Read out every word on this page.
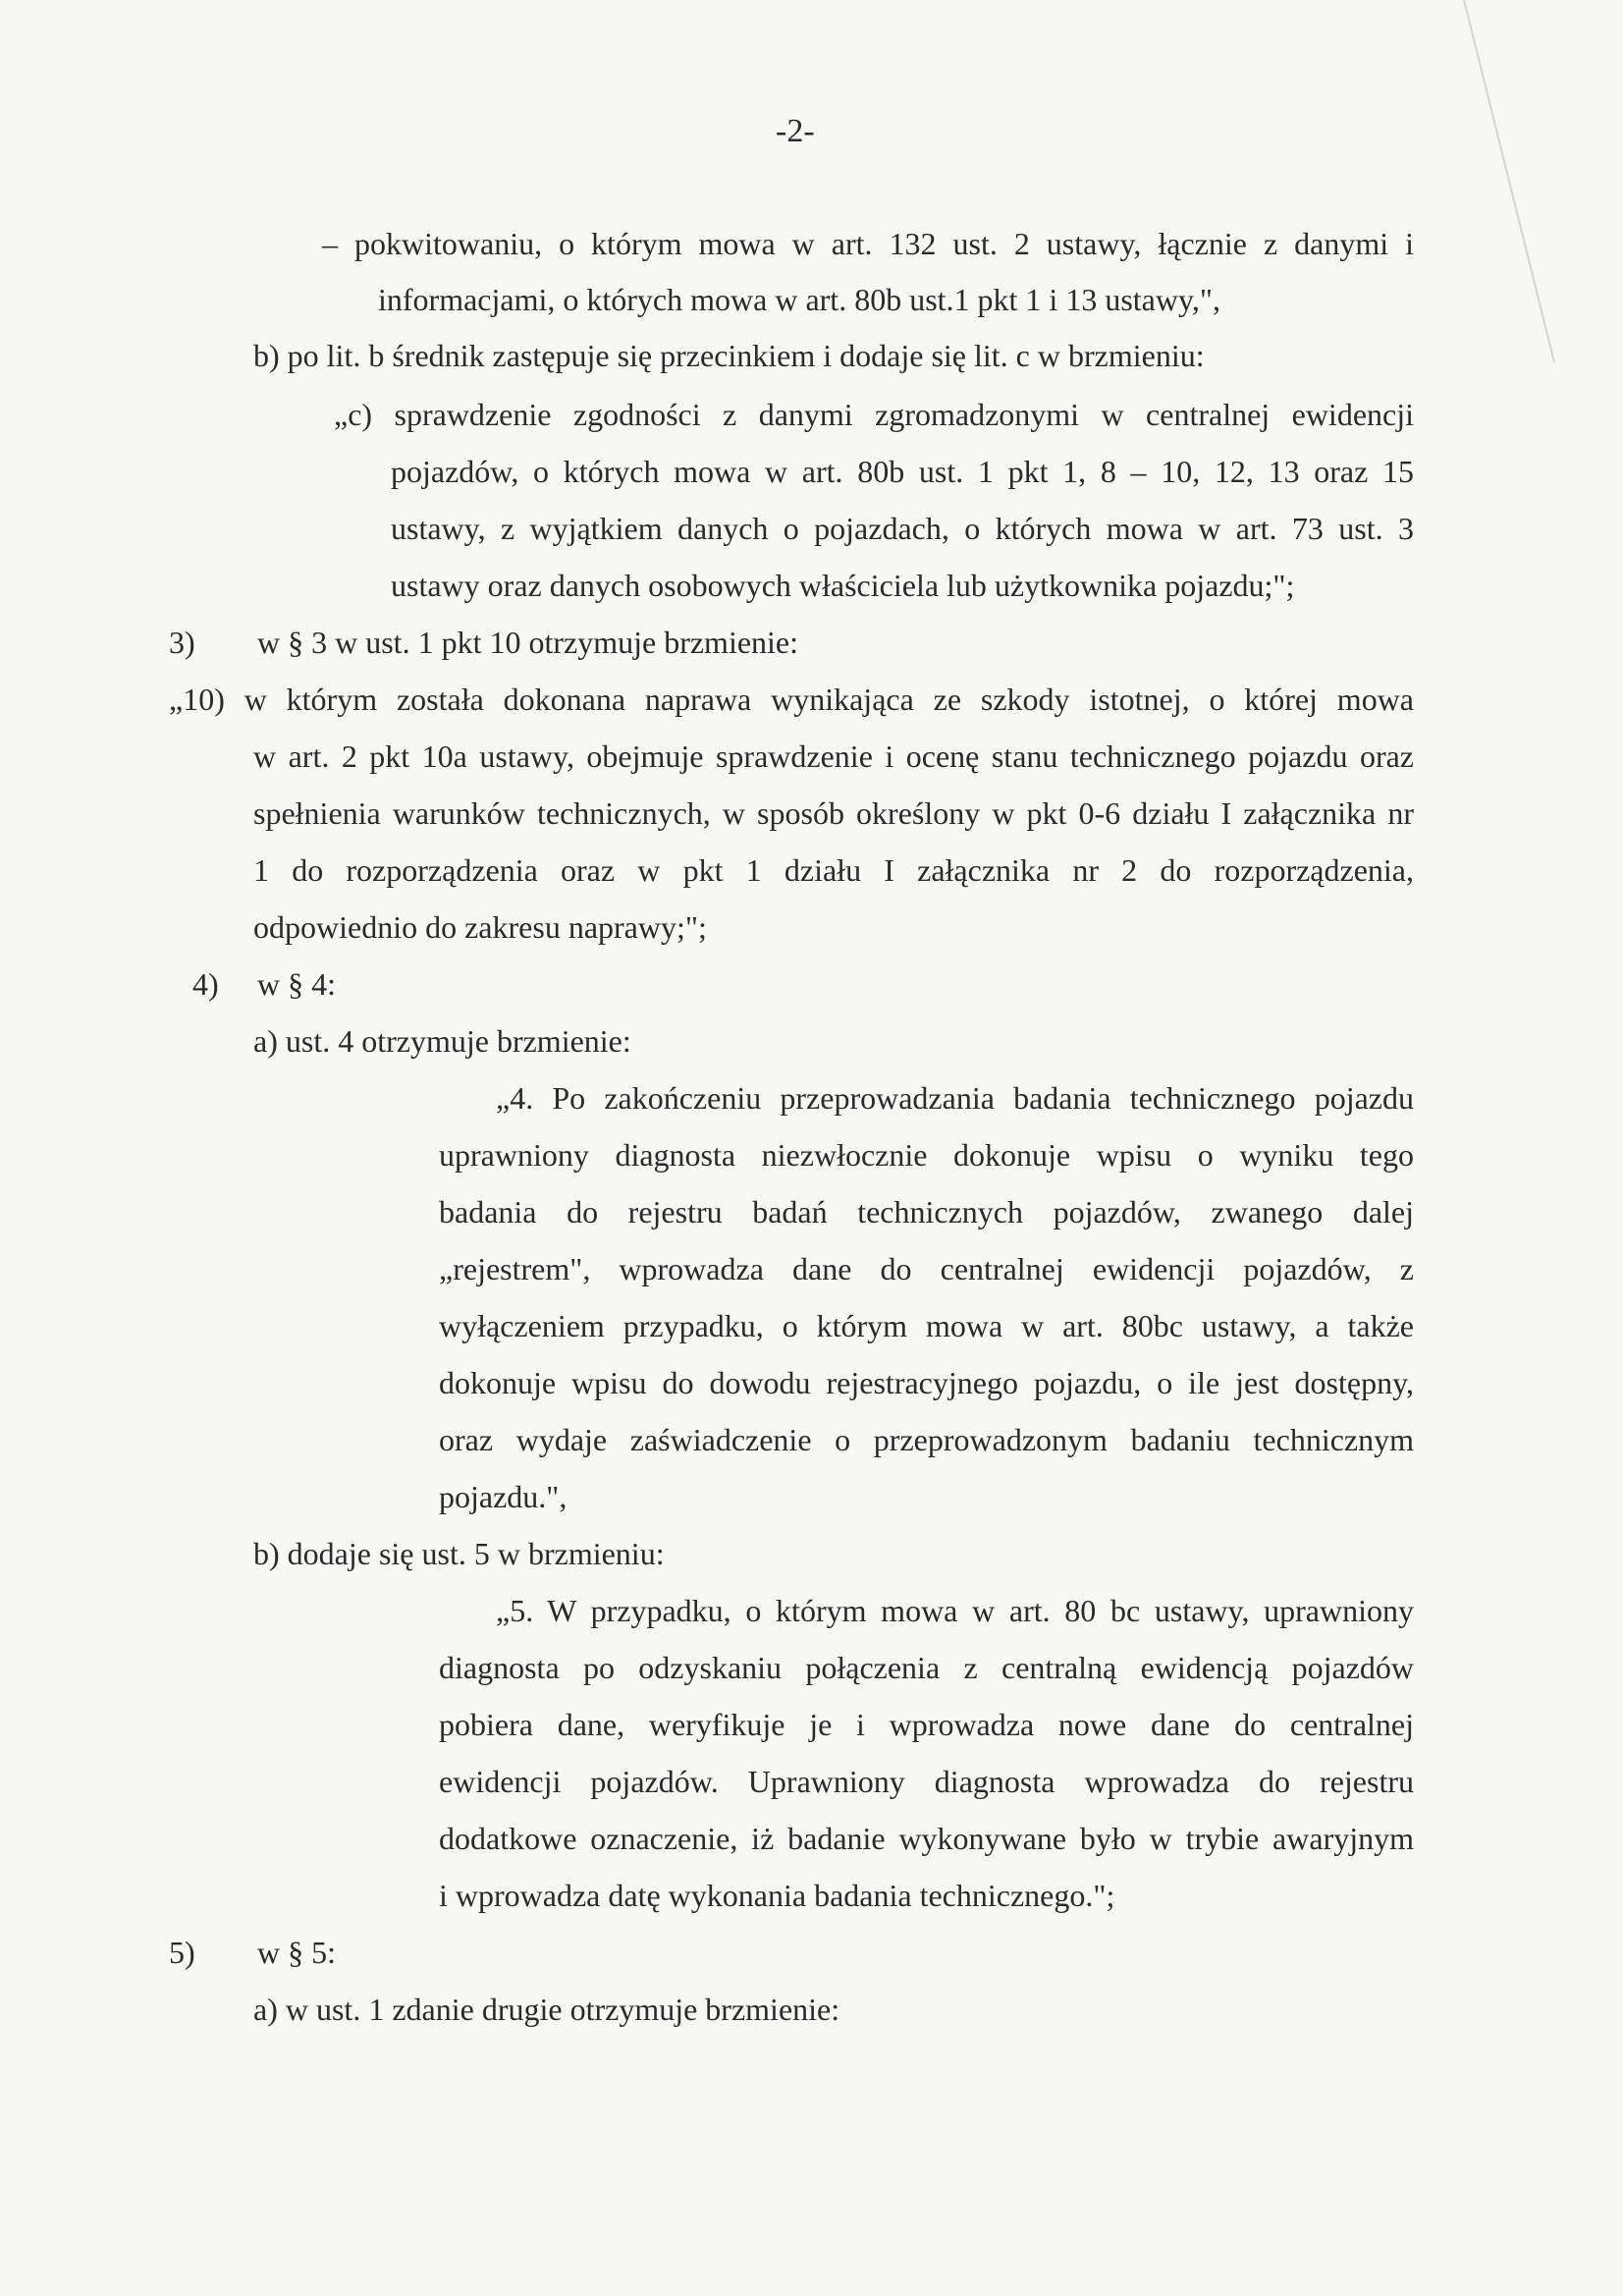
-2-
– pokwitowaniu, o którym mowa w art. 132 ust. 2 ustawy, łącznie z danymi i
informacjami, o których mowa w art. 80b ust.1 pkt 1 i 13 ustawy,",
b) po lit. b średnik zastępuje się przecinkiem i dodaje się lit. c w brzmieniu:
„c) sprawdzenie zgodności z danymi zgromadzonymi w centralnej ewidencji
pojazdów, o których mowa w art. 80b ust. 1 pkt 1, 8 – 10, 12, 13 oraz 15
ustawy, z wyjątkiem danych o pojazdach, o których mowa w art. 73 ust. 3
ustawy oraz danych osobowych właściciela lub użytkownika pojazdu;";
3) w § 3 w ust. 1 pkt 10 otrzymuje brzmienie:
„10) w którym została dokonana naprawa wynikająca ze szkody istotnej, o której mowa
w art. 2 pkt 10a ustawy, obejmuje sprawdzenie i ocenę stanu technicznego pojazdu oraz
spełnienia warunków technicznych, w sposób określony w pkt 0-6 działu I załącznika nr
1 do rozporządzenia oraz w pkt 1 działu I załącznika nr 2 do rozporządzenia,
odpowiednio do zakresu naprawy;";
4) w § 4:
a) ust. 4 otrzymuje brzmienie:
„4. Po zakończeniu przeprowadzania badania technicznego pojazdu
uprawniony diagnosta niezwłocznie dokonuje wpisu o wyniku tego
badania do rejestru badań technicznych pojazdów, zwanego dalej
„rejestrem", wprowadza dane do centralnej ewidencji pojazdów, z
wyłączeniem przypadku, o którym mowa w art. 80bc ustawy, a także
dokonuje wpisu do dowodu rejestracyjnego pojazdu, o ile jest dostępny,
oraz wydaje zaświadczenie o przeprowadzonym badaniu technicznym
pojazdu.",
b) dodaje się ust. 5 w brzmieniu:
„5. W przypadku, o którym mowa w art. 80 bc ustawy, uprawniony
diagnosta po odzyskaniu połączenia z centralną ewidencją pojazdów
pobiera dane, weryfikuje je i wprowadza nowe dane do centralnej
ewidencji pojazdów. Uprawniony diagnosta wprowadza do rejestru
dodatkowe oznaczenie, iż badanie wykonywane było w trybie awaryjnym
i wprowadza datę wykonania badania technicznego.";
5) w § 5:
a) w ust. 1 zdanie drugie otrzymuje brzmienie:
